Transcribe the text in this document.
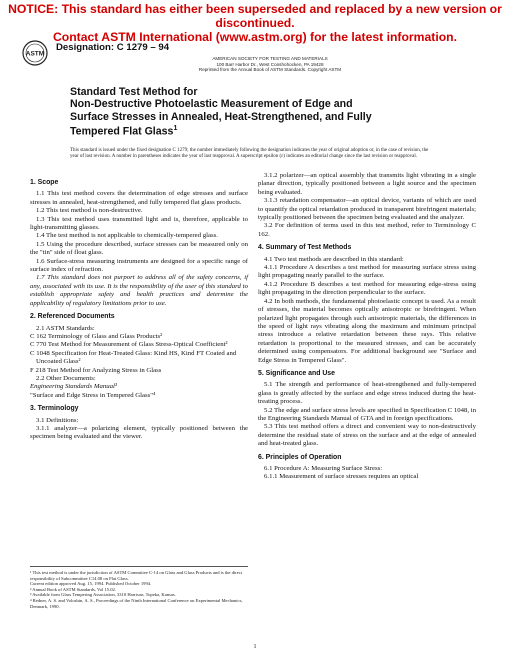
NOTICE: This standard has either been superseded and replaced by a new version or discontinued.
Contact ASTM International (www.astm.org) for the latest information.
ASTM
Designation: C 1279 – 94
AMERICAN SOCIETY FOR TESTING AND MATERIALS
100 Barr Harbor Dr., West Conshohocken, PA 19428
Reprinted from the Annual Book of ASTM Standards. Copyright ASTM
Standard Test Method for
Non-Destructive Photoelastic Measurement of Edge and
Surface Stresses in Annealed, Heat-Strengthened, and Fully
Tempered Flat Glass$^1$
This standard is issued under the fixed designation C 1279; the number immediately following the designation indicates the year of original adoption or, in the case of revision, the year of last revision. A number in parentheses indicates the year of last reapproval. A superscript epsilon (ε) indicates an editorial change since the last revision or reapproval.
1. Scope

1.1 This test method covers the determination of edge stresses and surface stresses in annealed, heat-strengthened, and fully tempered flat glass products.

1.2 This test method is non-destructive.

1.3 This test method uses transmitted light and is, therefore, applicable to light-transmitting glasses.

1.4 The test method is not applicable to chemically-tempered glass.

1.5 Using the procedure described, surface stresses can be measured only on the "tin" side of float glass.

1.6 Surface-stress measuring instruments are designed for a specific range of surface index of refraction.

1.7 This standard does not purport to address all of the safety concerns, if any, associated with its use. It is the responsibility of the user of this standard to establish appropriate safety and health practices and determine the applicability of regulatory limitations prior to use.

2. Referenced Documents

2.1 ASTM Standards:

C 162 Terminology of Glass and Glass Products²

C 770 Test Method for Measurement of Glass Stress-Optical Coefficient²

C 1048 Specification for Heat-Treated Glass: Kind HS, Kind FT Coated and Uncoated Glass²

F 218 Test Method for Analyzing Stress in Glass

2.2 Other Documents:

Engineering Standards Manual³

"Surface and Edge Stress in Tempered Glass"⁴

3. Terminology

3.1 Definitions:

3.1.1 analyzer—a polarizing element, typically positioned between the specimen being evaluated and the viewer.

¹ This test method is under the jurisdiction of ASTM Committee C-14 on Glass and Glass Products and is the direct responsibility of Subcommittee C14.08 on Flat Glass.
Current edition approved Aug. 15, 1994. Published October 1994.
² Annual Book of ASTM Standards, Vol 15.02.
³ Available from Glass Tempering Association, 3310 Harrison, Topeka, Kansas.
⁴ Redner, A. S. and Voloshin, A. S., Proceedings of the Ninth International Conference on Experimental Mechanics, Denmark, 1990.

3.1.2 polarizer—an optical assembly that transmits light vibrating in a single planar direction, typically positioned between a light source and the specimen being evaluated.

3.1.3 retardation compensator—an optical device, variants of which are used to quantify the optical retardation produced in transparent birefringent materials; typically positioned between the specimen being evaluated and the analyzer.

3.2 For definition of terms used in this test method, refer to Terminology C 162.

4. Summary of Test Methods

4.1 Two test methods are described in this standard:

4.1.1 Procedure A describes a test method for measuring surface stress using light propagating nearly parallel to the surface.

4.1.2 Procedure B describes a test method for measuring edge-stress using light propagating in the direction perpendicular to the surface.

4.2 In both methods, the fundamental photoelastic concept is used. As a result of stresses, the material becomes optically anisotropic or birefringent. When polarized light propagates through such anisotropic materials, the differences in the speed of light rays vibrating along the maximum and minimum principal stress introduce a relative retardation between these rays. This relative retardation is proportional to the measured stresses, and can be accurately determined using compensators. For additional background see "Surface and Edge Stress in Tempered Glass".

5. Significance and Use

5.1 The strength and performance of heat-strengthened and fully-tempered glass is greatly affected by the surface and edge stress induced during the heat-treating process.

5.2 The edge and surface stress levels are specified in Specification C 1048, in the Engineering Standards Manual of GTA and in foreign specifications.

5.3 This test method offers a direct and convenient way to non-destructively determine the residual state of stress on the surface and at the edge of annealed and heat-treated glass.

6. Principles of Operation

6.1 Procedure A: Measuring Surface Stress:

6.1.1 Measurement of surface stresses requires an optical

1
